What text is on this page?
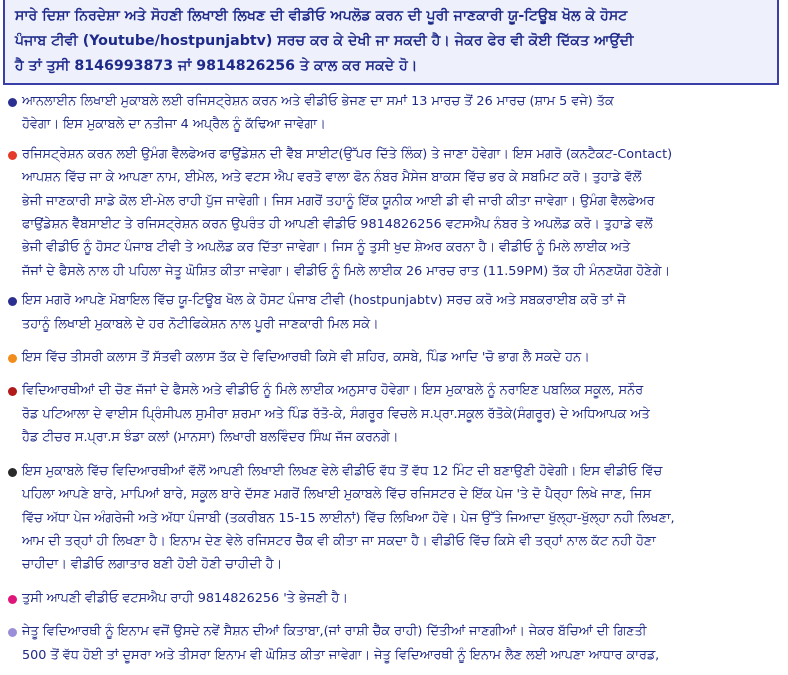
ਸਾਰੇ ਦਿਸ਼ਾ ਨਿਰਦੇਸ਼ਾ ਅਤੇ ਸੋਹਣੀ ਲਿਖਾਈ ਲਿਖਣ ਦੀ ਵੀਡੀਓ ਅਪਲੋਡ ਕਰਨ ਦੀ ਪੂਰੀ ਜਾਣਕਾਰੀ ਯੂ-ਟਿਊਬ ਖੋਲ ਕੇ ਹੋਸਟ

ਪੰਜਾਬ ਟੀਵੀ (Youtube/hostpunjabtv) ਸਰਚ ਕਰ ਕੇ ਦੇਖੀ ਜਾ ਸਕਦੀ ਹੈ। ਜੇਕਰ ਫੇਰ ਵੀ ਕੋਈ ਦਿੱਕਤ ਆਉਂਦੀ

ਹੈ ਤਾਂ ਤੁਸੀ 8146993873 ਜਾਂ 9814826256 ਤੇ ਕਾਲ ਕਰ ਸਕਦੇ ਹੋ।

ਆਨਲਾਈਨ ਲਿਖਾਈ ਮੁਕਾਬਲੇ ਲਈ ਰਜਿਸਟ੍ਰੇਸ਼ਨ ਕਰਨ ਅਤੇ ਵੀਡੀਓ ਭੇਜਣ ਦਾ ਸਮਾਂ 13 ਮਾਰਚ ਤੋਂ 26 ਮਾਰਚ (ਸ਼ਾਮ 5 ਵਜੇ) ਤੱਕ
ਹੋਵੇਗਾ। ਇਸ ਮੁਕਾਬਲੇ ਦਾ ਨਤੀਜਾ 4 ਅਪ੍ਰੈਲ ਨੂੰ ਕੱਢਿਆ ਜਾਵੇਗਾ।
ਰਜਿਸਟ੍ਰੇਸ਼ਨ ਕਰਨ ਲਈ ਉਮੰਗ ਵੈਲਫੇਅਰ ਫਾਉਂਡੇਸ਼ਨ ਦੀ ਵੈੱਬ ਸਾਈਟ(ਉੱਪਰ ਦਿੱਤੇ ਲਿੰਕ) ਤੇ ਜਾਣਾ ਹੋਵੇਗਾ। ਇਸ ਮਗਰੋ (ਕਨਟੈਕਟ-Contact)
ਆਪਸ਼ਨ ਵਿੱਚ ਜਾ ਕੇ ਆਪਣਾ ਨਾਮ, ਈਮੇਲ, ਅਤੇ ਵਟਸ ਐਪ ਵਰਤੋ ਵਾਲਾ ਫੋਨ ਨੰਬਰ ਮੈਸੇਜ ਬਾਕਸ ਵਿੱਚ ਭਰ ਕੇ ਸਬਮਿਟ ਕਰੋ। ਤੁਹਾਡੇ ਵੱਲੋਂ
ਭੇਜੀ ਜਾਣਕਾਰੀ ਸਾਡੇ ਕੋਲ ਈ-ਮੇਲ ਰਾਹੀ ਪੁੱਜ ਜਾਵੇਗੀ। ਜਿਸ ਮਗਰੋਂ ਤਹਾਨੂੰ ਇੱਕ ਯੂਨੀਕ ਆਈ ਡੀ ਵੀ ਜਾਰੀ ਕੀਤਾ ਜਾਵੇਗਾ। ਉਮੰਗ ਵੈਲਫੇਅਰ
ਫਾਉਂਡੇਸ਼ਨ ਵੈੱਬਸਾਈਟ ਤੇ ਰਜਿਸਟ੍ਰੇਸ਼ਨ ਕਰਨ ਉਪਰੰਤ ਹੀ ਆਪਣੀ ਵੀਡੀਓ 9814826256 ਵਟਸਐਪ ਨੰਬਰ ਤੇ ਅਪਲੋਡ ਕਰੋ। ਤੁਹਾਡੇ ਵਲੋਂ
ਭੇਜੀ ਵੀਡੀਓ ਨੂੰ ਹੋਸਟ ਪੰਜਾਬ ਟੀਵੀ ਤੇ ਅਪਲੋਡ ਕਰ ਦਿੱਤਾ ਜਾਵੇਗਾ। ਜਿਸ ਨੂੰ ਤੁਸੀ ਖੁਦ ਸ਼ੇਅਰ ਕਰਨਾ ਹੈ। ਵੀਡੀਓ ਨੂੰ ਮਿਲੇ ਲਾਈਕ ਅਤੇ
ਜੱਜਾਂ ਦੇ ਫੈਸਲੇ ਨਾਲ ਹੀ ਪਹਿਲਾ ਜੇਤੂ ਘੋਸ਼ਿਤ ਕੀਤਾ ਜਾਵੇਗਾ। ਵੀਡੀਓ ਨੂੰ ਮਿਲੇ ਲਾਈਕ 26 ਮਾਰਚ ਰਾਤ (11.59PM) ਤੱਕ ਹੀ ਮੰਨਣਯੋਗ ਹੋਣੇਗੇ।
ਇਸ ਮਗਰੋ ਆਪਣੇ ਮੋਬਾਇਲ ਵਿੱਚ ਯੂ-ਟਿਊਬ ਖੋਲ ਕੇ ਹੋਸਟ ਪੰਜਾਬ ਟੀਵੀ (hostpunjabtv) ਸਰਚ ਕਰੋ ਅਤੇ ਸਬਕਰਾਈਬ ਕਰੋ ਤਾਂ ਜੋ
ਤਹਾਨੂੰ ਲਿਖਾਈ ਮੁਕਾਬਲੇ ਦੇ ਹਰ ਨੋਟੀਫਿਕੇਸ਼ਨ ਨਾਲ ਪੂਰੀ ਜਾਣਕਾਰੀ ਮਿਲ ਸਕੇ।
ਇਸ ਵਿੱਚ ਤੀਸਰੀ ਕਲਾਸ ਤੋਂ ਸੱਤਵੀ ਕਲਾਸ ਤੱਕ ਦੇ ਵਿਦਿਆਰਥੀ ਕਿਸੇ ਵੀ ਸ਼ਹਿਰ, ਕਸਬੇ, ਪਿੰਡ ਆਦਿ 'ਚੋ ਭਾਗ ਲੈ ਸਕਦੇ ਹਨ।
ਵਿਦਿਆਰਥੀਆਂ ਦੀ ਚੋਣ ਜੱਜਾਂ ਦੇ ਫੈਸਲੇ ਅਤੇ ਵੀਡੀਓ ਨੂੰ ਮਿਲੇ ਲਾਈਕ ਅਨੁਸਾਰ ਹੋਵੇਗਾ। ਇਸ ਮੁਕਾਬਲੇ ਨੂੰ ਨਰਾਇਣ ਪਬਲਿਕ ਸਕੂਲ, ਸਨੌਰ
ਰੋਡ ਪਟਿਆਲਾ ਦੇ ਵਾਈਸ ਪ੍ਰਿੰਸੀਪਲ ਸੁਮੀਰਾ ਸ਼ਰਮਾ ਅਤੇ ਪਿੰਡ ਰੱਤੋ-ਕੇ, ਸੰਗਰੂਰ ਵਿਚਲੇ ਸ.ਪ੍ਰਾ.ਸਕੂਲ ਰੱਤੋਕੇ(ਸੰਗਰੂਰ) ਦੇ ਅਧਿਆਪਕ ਅਤੇ
ਹੈਡ ਟੀਚਰ ਸ.ਪ੍ਰਾ.ਸ ਝੰਡਾ ਕਲਾਂ (ਮਾਨਸਾ) ਲਿਖਾਰੀ ਬਲਵਿੰਦਰ ਸਿੰਘ ਜੱਜ ਕਰਨਗੇ।
ਇਸ ਮੁਕਾਬਲੇ ਵਿੱਚ ਵਿਦਿਆਰਥੀਆਂ ਵੱਲੋਂ ਆਪਣੀ ਲਿਖਾਈ ਲਿਖਣ ਵੇਲੇ ਵੀਡੀਓ ਵੱਧ ਤੋਂ ਵੱਧ 12 ਮਿੰਟ ਦੀ ਬਣਾਉਣੀ ਹੋਵੇਗੀ। ਇਸ ਵੀਡੀਓ ਵਿੱਚ
ਪਹਿਲਾ ਆਪਣੇ ਬਾਰੇ, ਮਾਪਿਆਂ ਬਾਰੇ, ਸਕੂਲ ਬਾਰੇ ਦੱਸਣ ਮਗਰੋਂ ਲਿਖਾਈ ਮੁਕਾਬਲੇ ਵਿੱਚ ਰਜਿਸਟਰ ਦੇ ਇੱਕ ਪੇਜ 'ਤੇ ਦੋ ਪੈਰ੍ਹਾ ਲਿਖੇ ਜਾਣ, ਜਿਸ
ਵਿੱਚ ਅੱਧਾ ਪੇਜ ਅੰਗਰੇਜੀ ਅਤੇ ਅੱਧਾ ਪੰਜਾਬੀ (ਤਕਰੀਬਨ 15-15 ਲਾਈਨਾਂ) ਵਿੱਚ ਲਿਖਿਆ ਹੋਵੇ। ਪੇਜ ਉੱਤੇ ਜਿਆਦਾ ਖੁੱਲ੍ਹਾ-ਖੁੱਲ੍ਹਾ ਨਹੀ ਲਿਖਣਾ,
ਆਮ ਦੀ ਤਰ੍ਹਾਂ ਹੀ ਲਿਖਣਾ ਹੈ। ਇਨਾਮ ਦੇਣ ਵੇਲੇ ਰਜਿਸਟਰ ਚੈੱਕ ਵੀ ਕੀਤਾ ਜਾ ਸਕਦਾ ਹੈ। ਵੀਡੀਓ ਵਿੱਚ ਕਿਸੇ ਵੀ ਤਰ੍ਹਾਂ ਨਾਲ ਕੱਟ ਨਹੀ ਹੋਣਾ
ਚਾਹੀਦਾ। ਵੀਡੀਓ ਲਗਾਤਾਰ ਬਣੀ ਹੋਈ ਹੋਣੀ ਚਾਹੀਦੀ ਹੈ।
ਤੁਸੀ ਆਪਣੀ ਵੀਡੀਓ ਵਟਸਐਪ ਰਾਹੀ 9814826256 'ਤੇ ਭੇਜਣੀ ਹੈ।
ਜੇਤੂ ਵਿਦਿਆਰਥੀ ਨੂੰ ਇਨਾਮ ਵਜੋਂ ਉਸਦੇ ਨਵੇਂ ਸੈਸ਼ਨ ਦੀਆਂ ਕਿਤਾਬਾ,(ਜਾਂ ਰਾਸ਼ੀ ਚੈੱਕ ਰਾਹੀ) ਦਿੱਤੀਆਂ ਜਾਣਗੀਆਂ। ਜੇਕਰ ਬੱਚਿਆਂ ਦੀ ਗਿਣਤੀ
500 ਤੋਂ ਵੱਧ ਹੋਈ ਤਾਂ ਦੂਸਰਾ ਅਤੇ ਤੀਸਰਾ ਇਨਾਮ ਵੀ ਘੋਸ਼ਿਤ ਕੀਤਾ ਜਾਵੇਗਾ। ਜੇਤੂ ਵਿਦਿਆਰਥੀ ਨੂੰ ਇਨਾਮ ਲੈਣ ਲਈ ਆਪਣਾ ਆਧਾਰ ਕਾਰਡ,
